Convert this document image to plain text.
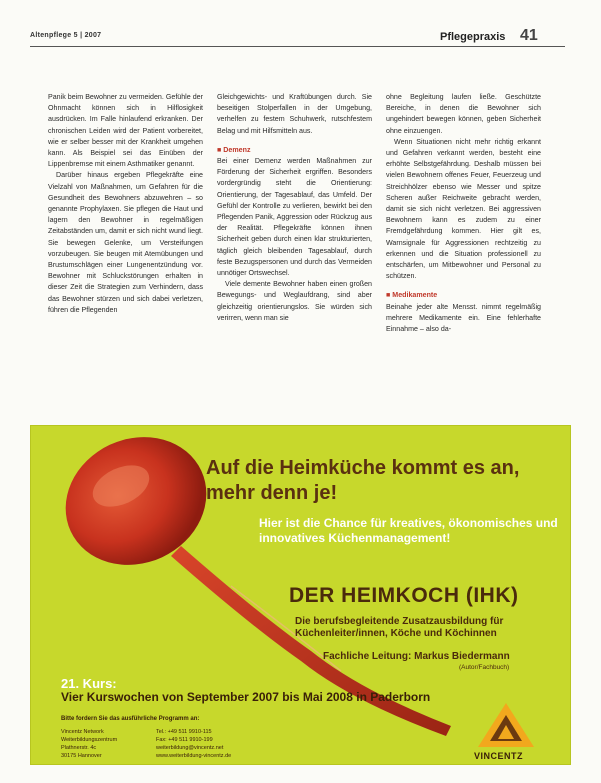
Altenpflege 5 | 2007	Pflegepraxis 41

Panik beim Bewohner zu vermeiden. Gefühle der Ohnmacht können sich in Hilflosigkeit ausdrücken. Im Falle hinlaufend erkranken. Der chronischen Leiden wird der Patient vorbereitet, wie er selber besser mit der Krankheit umgehen kann. Als Beispiel sei das Einüben der Lippenbremse mit einem Asthmatiker genannt.

Darüber hinaus ergeben Pflegekräfte eine Vielzahl von Maßnahmen, um Gefahren für die Gesundheit des Bewohners abzuwehren – so genannte Prophylaxen. Sie pflegen die Haut und lagern den Bewohner in regelmäßigen Zeitabständen um, damit er sich nicht wund liegt. Sie bewegen Gelenke, um Versteifungen vorzubeugen. Sie beugen mit Atemübungen und Brustumschlägen einer Lungenentzündung vor. Bewohner mit Schluckstörungen erhalten in dieser Zeit die Strategien zum Verhindern, dass das Bewohner stürzen und sich dabei verletzen, führen die Pflegenden

Gleichgewichts- und Kraftübungen durch. Sie beseitigen Stolperfallen in der Umgebung, verhelfen zu festem Schuhwerk, rutschfestem Belag und mit Hilfsmitteln aus.

■ Demenz

Bei einer Demenz werden Maßnahmen zur Förderung der Sicherheit ergriffen. Besonders vordergründig steht die Orientierung: Orientierung, der Tagesablauf, das Umfeld. Der Gefühl der Kontrolle zu verlieren, bewirkt bei den Pflegenden Panik, Aggression oder Rückzug aus der Realität. Pflegekräfte können ihnen Sicherheit geben durch einen klar strukturierten, täglich gleich bleibenden Tagesablauf, durch feste Bezugspersonen und durch das Vermeiden unnötiger Ortswechsel.

Viele demente Bewohner haben einen großen Bewegungs- und Weglaufdrang, sind aber gleichzeitig orientierungslos. Sie würden sich verirren, wenn man sie

ohne Begleitung laufen ließe. Geschützte Bereiche, in denen die Bewohner sich ungehindert bewegen können, geben Sicherheit ohne einzuengen.

Wenn Situationen nicht mehr richtig erkannt und Gefahren verkannt werden, besteht eine erhöhte Selbstgefährdung. Deshalb müssen bei vielen Bewohnern offenes Feuer, Feuerzeug und Streichhölzer ebenso wie Messer und spitze Scheren außer Reichweite gebracht werden, damit sie sich nicht verletzen. Bei aggressiven Bewohnern kann es zudem zu einer Fremdgefährdung kommen. Hier gilt es, Warnsignale für Aggressionen rechtzeitig zu erkennen und die Situation professionell zu entschärfen, um Mitbewohner und Personal zu schützen.

■ Medikamente

Beinahe jeder alte Mensst. nimmt regelmäßig mehrere Medikamente ein. Eine fehlerhafte Einnahme – also da-

Auf die Heimküche kommt es an, mehr denn je!
Hier ist die Chance für kreatives, ökonomisches und innovatives Küchenmanagement!
DER HEIMKOCH (IHK)
Die berufsbegleitende Zusatzausbildung für Küchenleiter/innen, Köche und Köchinnen
Fachliche Leitung: Markus Biedermann
(Autor/Fachbuch)
21. Kurs:
Vier Kurswochen von September 2007 bis Mai 2008 in Paderborn
Bitte fordern Sie das ausführliche Programm an:
Vincentz Network
Weiterbildungszentrum
Plathnerstr. 4c
30175 Hannover
Tel.: +49 511 9910-115
Fax: +49 511 9910-199
weiterbildung@vincentz.net
www.weiterbildung-vincentz.de	VINCENTZ
